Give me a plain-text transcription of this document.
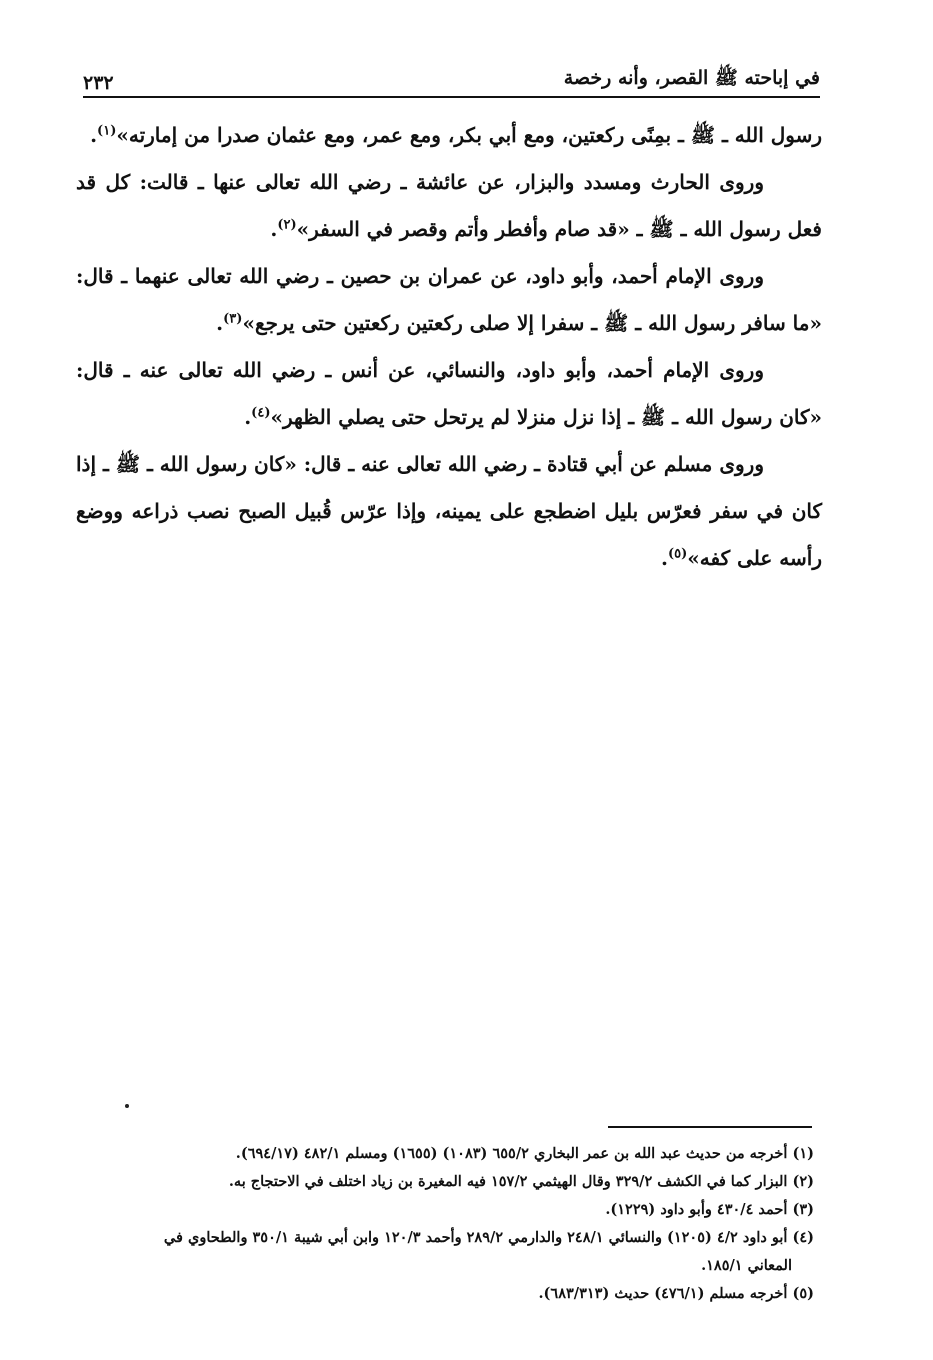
في إباحته ﷺ القصر، وأنه رخصة
٢٣٢

رسول الله ـ ﷺ ـ بمِنًى ركعتين، ومع أبي بكر، ومع عمر، ومع عثمان صدرا من إمارته»$^{(١)}$.

وروى الحارث ومسدد والبزار، عن عائشة ـ رضي الله تعالى عنها ـ قالت: كل قد فعل رسول الله ـ ﷺ ـ «قد صام وأفطر وأتم وقصر في السفر»$^{(٢)}$.

وروى الإمام أحمد، وأبو داود، عن عمران بن حصين ـ رضي الله تعالى عنهما ـ قال: «ما سافر رسول الله ـ ﷺ ـ سفرا إلا صلى ركعتين ركعتين حتى يرجع»$^{(٣)}$.

وروى الإمام أحمد، وأبو داود، والنسائي، عن أنس ـ رضي الله تعالى عنه ـ قال: «كان رسول الله ـ ﷺ ـ إذا نزل منزلا لم يرتحل حتى يصلي الظهر»$^{(٤)}$.

وروى مسلم عن أبي قتادة ـ رضي الله تعالى عنه ـ قال: «كان رسول الله ـ ﷺ ـ إذا كان في سفر فعرّس بليل اضطجع على يمينه، وإذا عرّس قُبيل الصبح نصب ذراعه ووضع رأسه على كفه»$^{(٥)}$.

(١) أخرجه من حديث عبد الله بن عمر البخاري ٦٥٥/٢ (١٠٨٣) (١٦٥٥) ومسلم ٤٨٢/١ (٦٩٤/١٧).

(٢) البزار كما في الكشف ٣٢٩/٢ وقال الهيثمي ١٥٧/٢ فيه المغيرة بن زياد اختلف في الاحتجاج به.

(٣) أحمد ٤٣٠/٤ وأبو داود (١٢٢٩).

(٤) أبو داود ٤/٢ (١٢٠٥) والنسائي ٢٤٨/١ والدارمي ٢٨٩/٢ وأحمد ١٢٠/٣ وابن أبي شيبة ٣٥٠/١ والطحاوي في
المعاني ١٨٥/١.

(٥) أخرجه مسلم (٤٧٦/١) حديث (٦٨٣/٣١٣).
